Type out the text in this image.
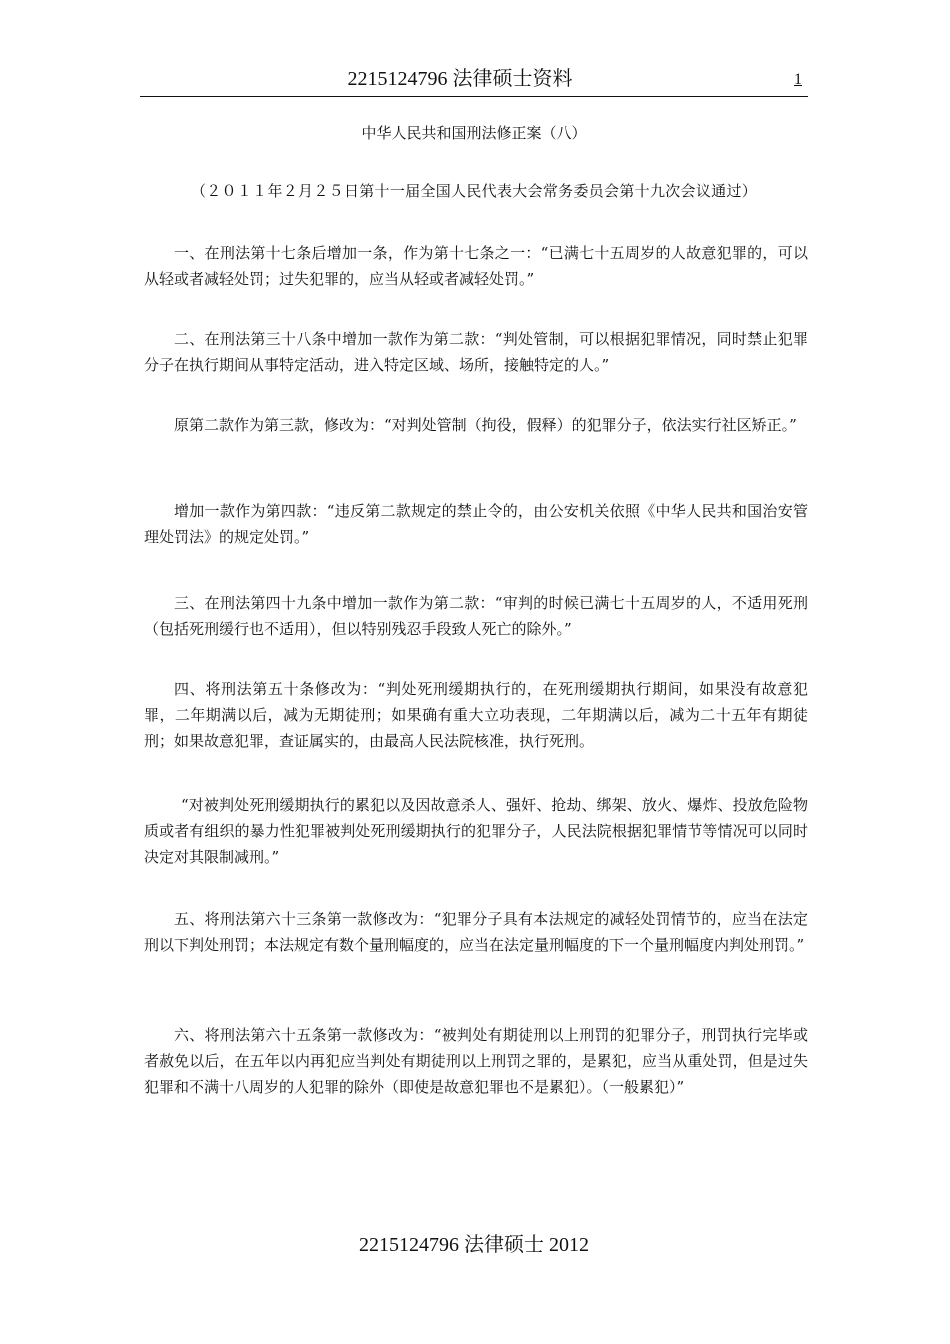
2215124796 法律硕士资料	1
中华人民共和国刑法修正案（八）
（２０１１年２月２５日第十一届全国人民代表大会常务委员会第十九次会议通过）

一、在刑法第十七条后增加一条，作为第十七条之一：“已满七十五周岁的人故意犯罪的，可以从轻或者减轻处罚；过失犯罪的，应当从轻或者减轻处罚。”

二、在刑法第三十八条中增加一款作为第二款：“判处管制，可以根据犯罪情况，同时禁止犯罪分子在执行期间从事特定活动，进入特定区域、场所，接触特定的人。”

原第二款作为第三款，修改为：“对判处管制（拘役，假释）的犯罪分子，依法实行社区矫正。”

增加一款作为第四款：“违反第二款规定的禁止令的，由公安机关依照《中华人民共和国治安管理处罚法》的规定处罚。”

三、在刑法第四十九条中增加一款作为第二款：“审判的时候已满七十五周岁的人，不适用死刑（包括死刑缓行也不适用），但以特别残忍手段致人死亡的除外。”

四、将刑法第五十条修改为：“判处死刑缓期执行的，在死刑缓期执行期间，如果没有故意犯罪，二年期满以后，减为无期徒刑；如果确有重大立功表现，二年期满以后，减为二十五年有期徒刑；如果故意犯罪，查证属实的，由最高人民法院核准，执行死刑。

“对被判处死刑缓期执行的累犯以及因故意杀人、强奸、抢劫、绑架、放火、爆炸、投放危险物质或者有组织的暴力性犯罪被判处死刑缓期执行的犯罪分子，人民法院根据犯罪情节等情况可以同时决定对其限制减刑。”

五、将刑法第六十三条第一款修改为：“犯罪分子具有本法规定的减轻处罚情节的，应当在法定刑以下判处刑罚；本法规定有数个量刑幅度的，应当在法定量刑幅度的下一个量刑幅度内判处刑罚。”

六、将刑法第六十五条第一款修改为：“被判处有期徒刑以上刑罚的犯罪分子，刑罚执行完毕或者赦免以后，在五年以内再犯应当判处有期徒刑以上刑罚之罪的，是累犯，应当从重处罚，但是过失犯罪和不满十八周岁的人犯罪的除外（即使是故意犯罪也不是累犯）。（一般累犯）”

2215124796 法律硕士 2012
